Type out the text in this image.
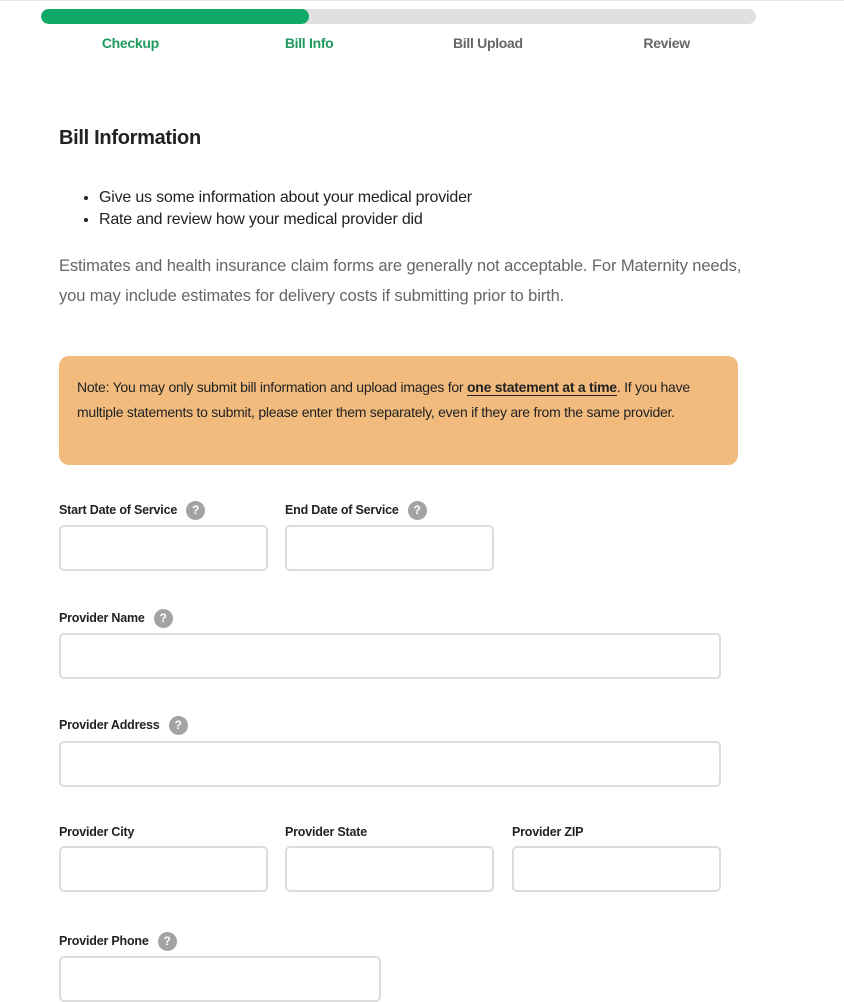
Checkup	Bill Info	Bill Upload	Review
Bill Information
• Give us some information about your medical provider
• Rate and review how your medical provider did

Estimates and health insurance claim forms are generally not acceptable. For Maternity needs, you may include estimates for delivery costs if submitting prior to birth.

Note: You may only submit bill information and upload images for one statement at a time. If you have multiple statements to submit, please enter them separately, even if they are from the same provider.
Start Date of Service	?	End Date of Service	?
Provider Name	?
Provider Address	?
Provider City	Provider State	Provider ZIP
Provider Phone	?
